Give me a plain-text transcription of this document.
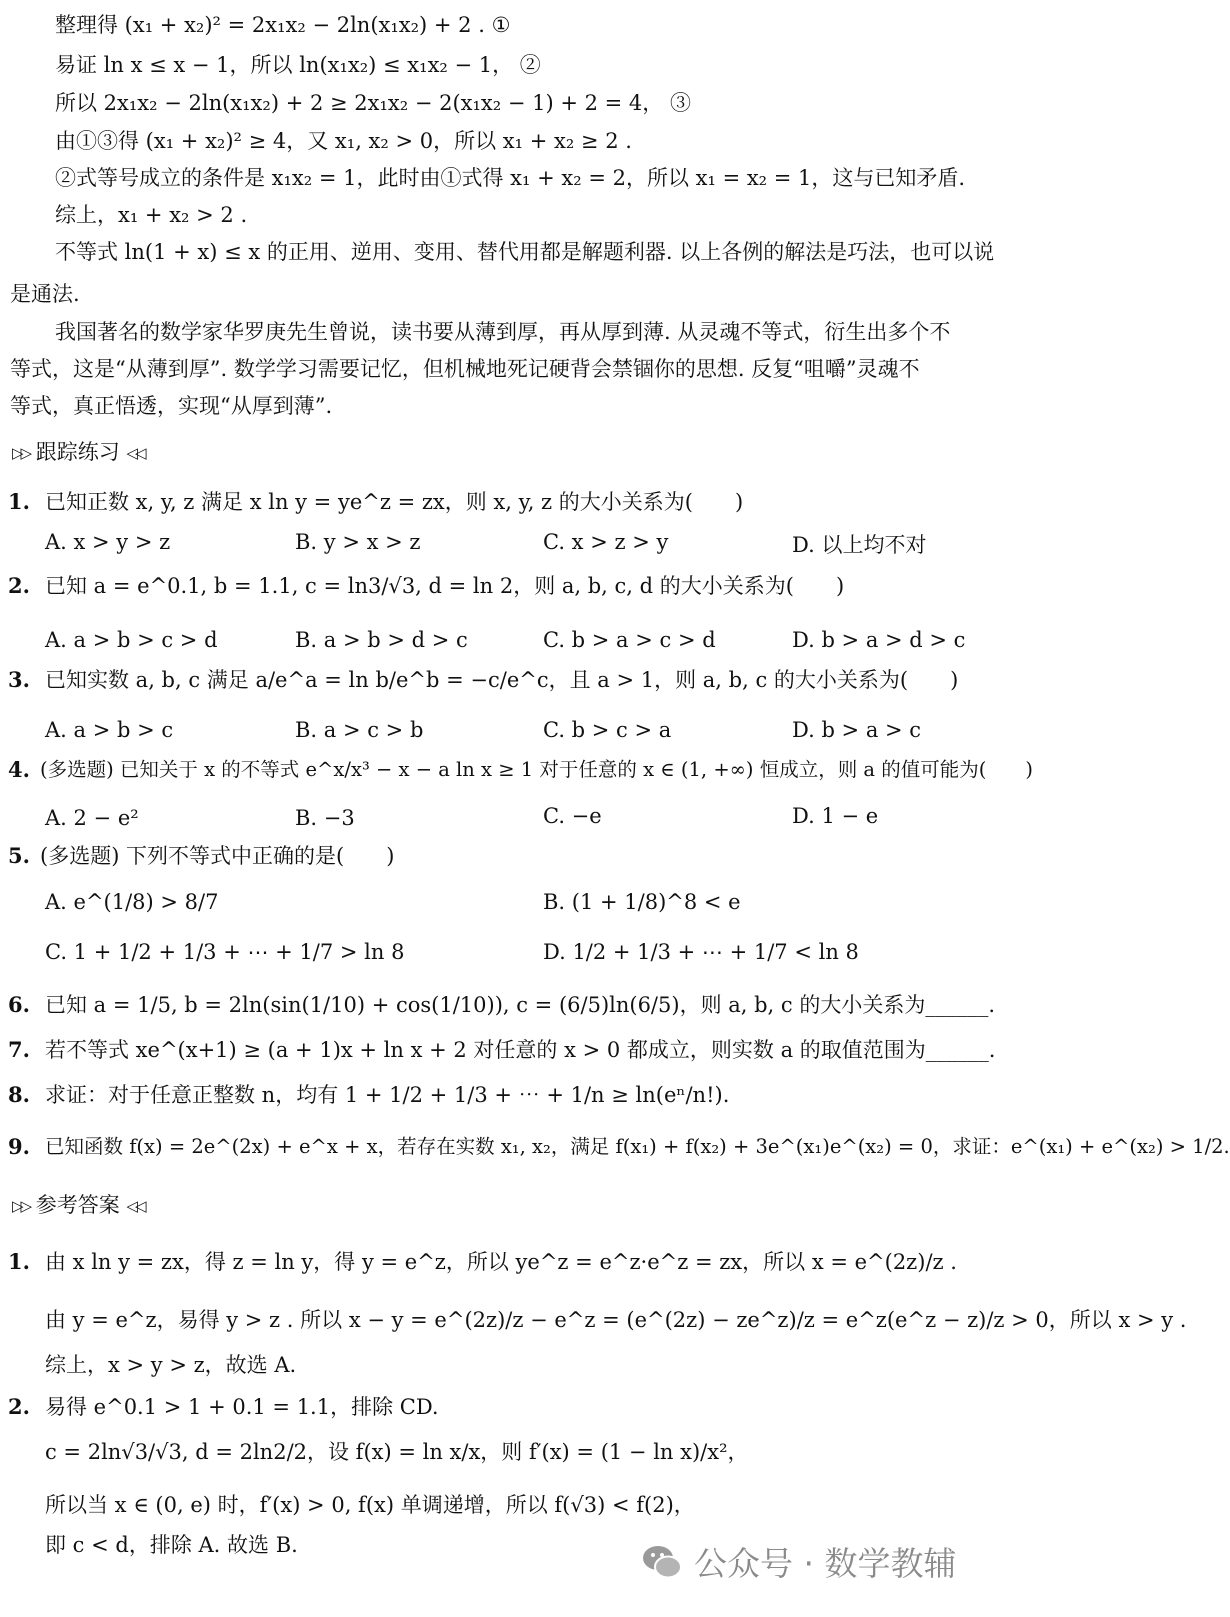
整理得 (x₁ + x₂)² = 2x₁x₂ − 2ln(x₁x₂) + 2 . ①
易证 ln x ≤ x − 1，所以 ln(x₁x₂) ≤ x₁x₂ − 1， ②
所以 2x₁x₂ − 2ln(x₁x₂) + 2 ≥ 2x₁x₂ − 2(x₁x₂ − 1) + 2 = 4， ③
由①③得 (x₁ + x₂)² ≥ 4，又 x₁, x₂ > 0，所以 x₁ + x₂ ≥ 2 .
②式等号成立的条件是 x₁x₂ = 1，此时由①式得 x₁ + x₂ = 2，所以 x₁ = x₂ = 1，这与已知矛盾.
综上，x₁ + x₂ > 2 .
不等式 ln(1 + x) ≤ x 的正用、逆用、变用、替代用都是解题利器. 以上各例的解法是巧法，也可以说
是通法.
我国著名的数学家华罗庚先生曾说，读书要从薄到厚，再从厚到薄. 从灵魂不等式，衍生出多个不
等式，这是“从薄到厚”. 数学学习需要记忆，但机械地死记硬背会禁锢你的思想. 反复“咀嚼”灵魂不
等式，真正悟透，实现“从厚到薄”.
▷▷ 跟踪练习 ◁◁
1. 已知正数 x, y, z 满足 x ln y = ye^z = zx，则 x, y, z 的大小关系为(　　)
A. x > y > z	B. y > x > z	C. x > z > y	D. 以上均不对
2. 已知 a = e^0.1, b = 1.1, c = ln3/√3, d = ln 2，则 a, b, c, d 的大小关系为(　　)
A. a > b > c > d	B. a > b > d > c	C. b > a > c > d	D. b > a > d > c
3. 已知实数 a, b, c 满足 a/e^a = ln b/e^b = −c/e^c，且 a > 1，则 a, b, c 的大小关系为(　　)
A. a > b > c	B. a > c > b	C. b > c > a	D. b > a > c
4. (多选题) 已知关于 x 的不等式 e^x/x³ − x − a ln x ≥ 1 对于任意的 x ∈ (1, +∞) 恒成立，则 a 的值可能为(　　)
A. 2 − e²	B. −3	C. −e	D. 1 − e
5. (多选题) 下列不等式中正确的是(　　)
A. e^(1/8) > 8/7	B. (1 + 1/8)^8 < e
C. 1 + 1/2 + 1/3 + ⋯ + 1/7 > ln 8	D. 1/2 + 1/3 + ⋯ + 1/7 < ln 8
6. 已知 a = 1/5, b = 2ln(sin(1/10) + cos(1/10)), c = (6/5)ln(6/5)，则 a, b, c 的大小关系为______.
7. 若不等式 xe^(x+1) ≥ (a + 1)x + ln x + 2 对任意的 x > 0 都成立，则实数 a 的取值范围为______.
8. 求证：对于任意正整数 n，均有 1 + 1/2 + 1/3 + ⋯ + 1/n ≥ ln(eⁿ/n!).
9. 已知函数 f(x) = 2e^(2x) + e^x + x，若存在实数 x₁, x₂，满足 f(x₁) + f(x₂) + 3e^(x₁)e^(x₂) = 0，求证：e^(x₁) + e^(x₂) > 1/2.
▷▷ 参考答案 ◁◁
1. 由 x ln y = zx，得 z = ln y，得 y = e^z，所以 ye^z = e^z·e^z = zx，所以 x = e^(2z)/z .
由 y = e^z，易得 y > z . 所以 x − y = e^(2z)/z − e^z = (e^(2z) − ze^z)/z = e^z(e^z − z)/z > 0，所以 x > y .
综上，x > y > z，故选 A.
2. 易得 e^0.1 > 1 + 0.1 = 1.1，排除 CD.
c = 2ln√3/√3, d = 2ln2/2，设 f(x) = ln x/x，则 f′(x) = (1 − ln x)/x²，
所以当 x ∈ (0, e) 时，f′(x) > 0, f(x) 单调递增，所以 f(√3) < f(2)，
即 c < d，排除 A. 故选 B.	公众号 · 数学教辅
